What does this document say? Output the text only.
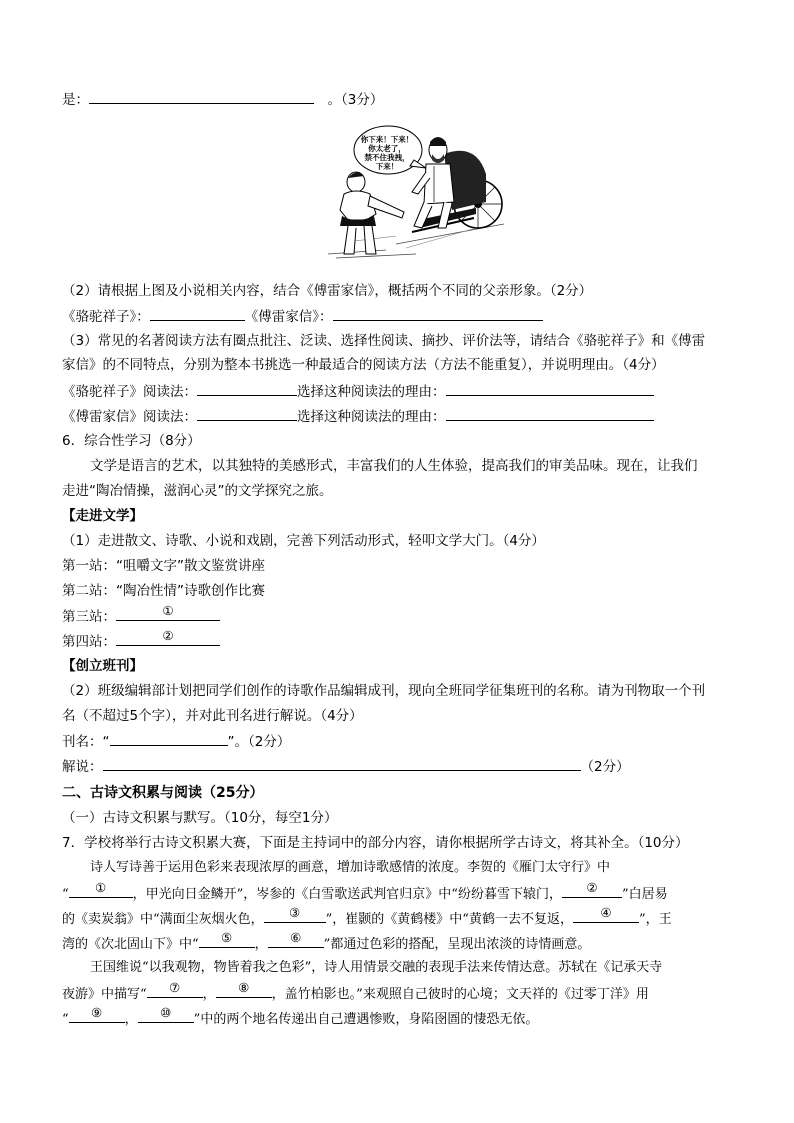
是：　	。（3分）
你下来！下来！
你太老了，
禁不住我拽，
下来！
（2）请根据上图及小说相关内容，结合《傅雷家信》，概括两个不同的父亲形象。（2分）
《骆驼祥子》：	《傅雷家信》：
（3）常见的名著阅读方法有圈点批注、泛读、选择性阅读、摘抄、评价法等，请结合《骆驼祥子》和《傅雷
家信》的不同特点，分别为整本书挑选一种最适合的阅读方法（方法不能重复），并说明理由。（4分）
《骆驼祥子》阅读法：	选择这种阅读法的理由：
《傅雷家信》阅读法：	选择这种阅读法的理由：
6．综合性学习（8分）
文学是语言的艺术，以其独特的美感形式，丰富我们的人生体验，提高我们的审美品味。现在，让我们
走进“陶冶情操，滋润心灵”的文学探究之旅。
【走进文学】
（1）走进散文、诗歌、小说和戏剧，完善下列活动形式，轻叩文学大门。（4分）
第一站：“咀嚼文字”散文鉴赏讲座
第二站：“陶冶性情”诗歌创作比赛
第三站：	①
第四站：	②
【创立班刊】
（2）班级编辑部计划把同学们创作的诗歌作品编辑成刊，现向全班同学征集班刊的名称。请为刊物取一个刊
名（不超过5个字），并对此刊名进行解说。（4分）
刊名：“	”。（2分）
解说：	（2分）
二、古诗文积累与阅读（25分）
（一）古诗文积累与默写。（10分，每空1分）
7．学校将举行古诗文积累大赛，下面是主持词中的部分内容，请你根据所学古诗文，将其补全。（10分）
诗人写诗善于运用色彩来表现浓厚的画意，增加诗歌感情的浓度。李贺的《雁门太守行》中
“	①	，甲光向日金鳞开”，岑参的《白雪歌送武判官归京》中“纷纷暮雪下辕门，	②	”白居易
的《卖炭翁》中“满面尘灰烟火色，	③	”，崔颢的《黄鹤楼》中“黄鹤一去不复返，	④	”，王
湾的《次北固山下》中“	⑤	，	⑥	”都通过色彩的搭配，呈现出浓淡的诗情画意。
王国维说“以我观物，物皆着我之色彩”，诗人用情景交融的表现手法来传情达意。苏轼在《记承天寺
夜游》中描写“	⑦	，	⑧	，盖竹柏影也。”来观照自己彼时的心境；文天祥的《过零丁洋》用
“	⑨	，	⑩	”中的两个地名传递出自己遭遇惨败，身陷囹圄的悽恐无依。
